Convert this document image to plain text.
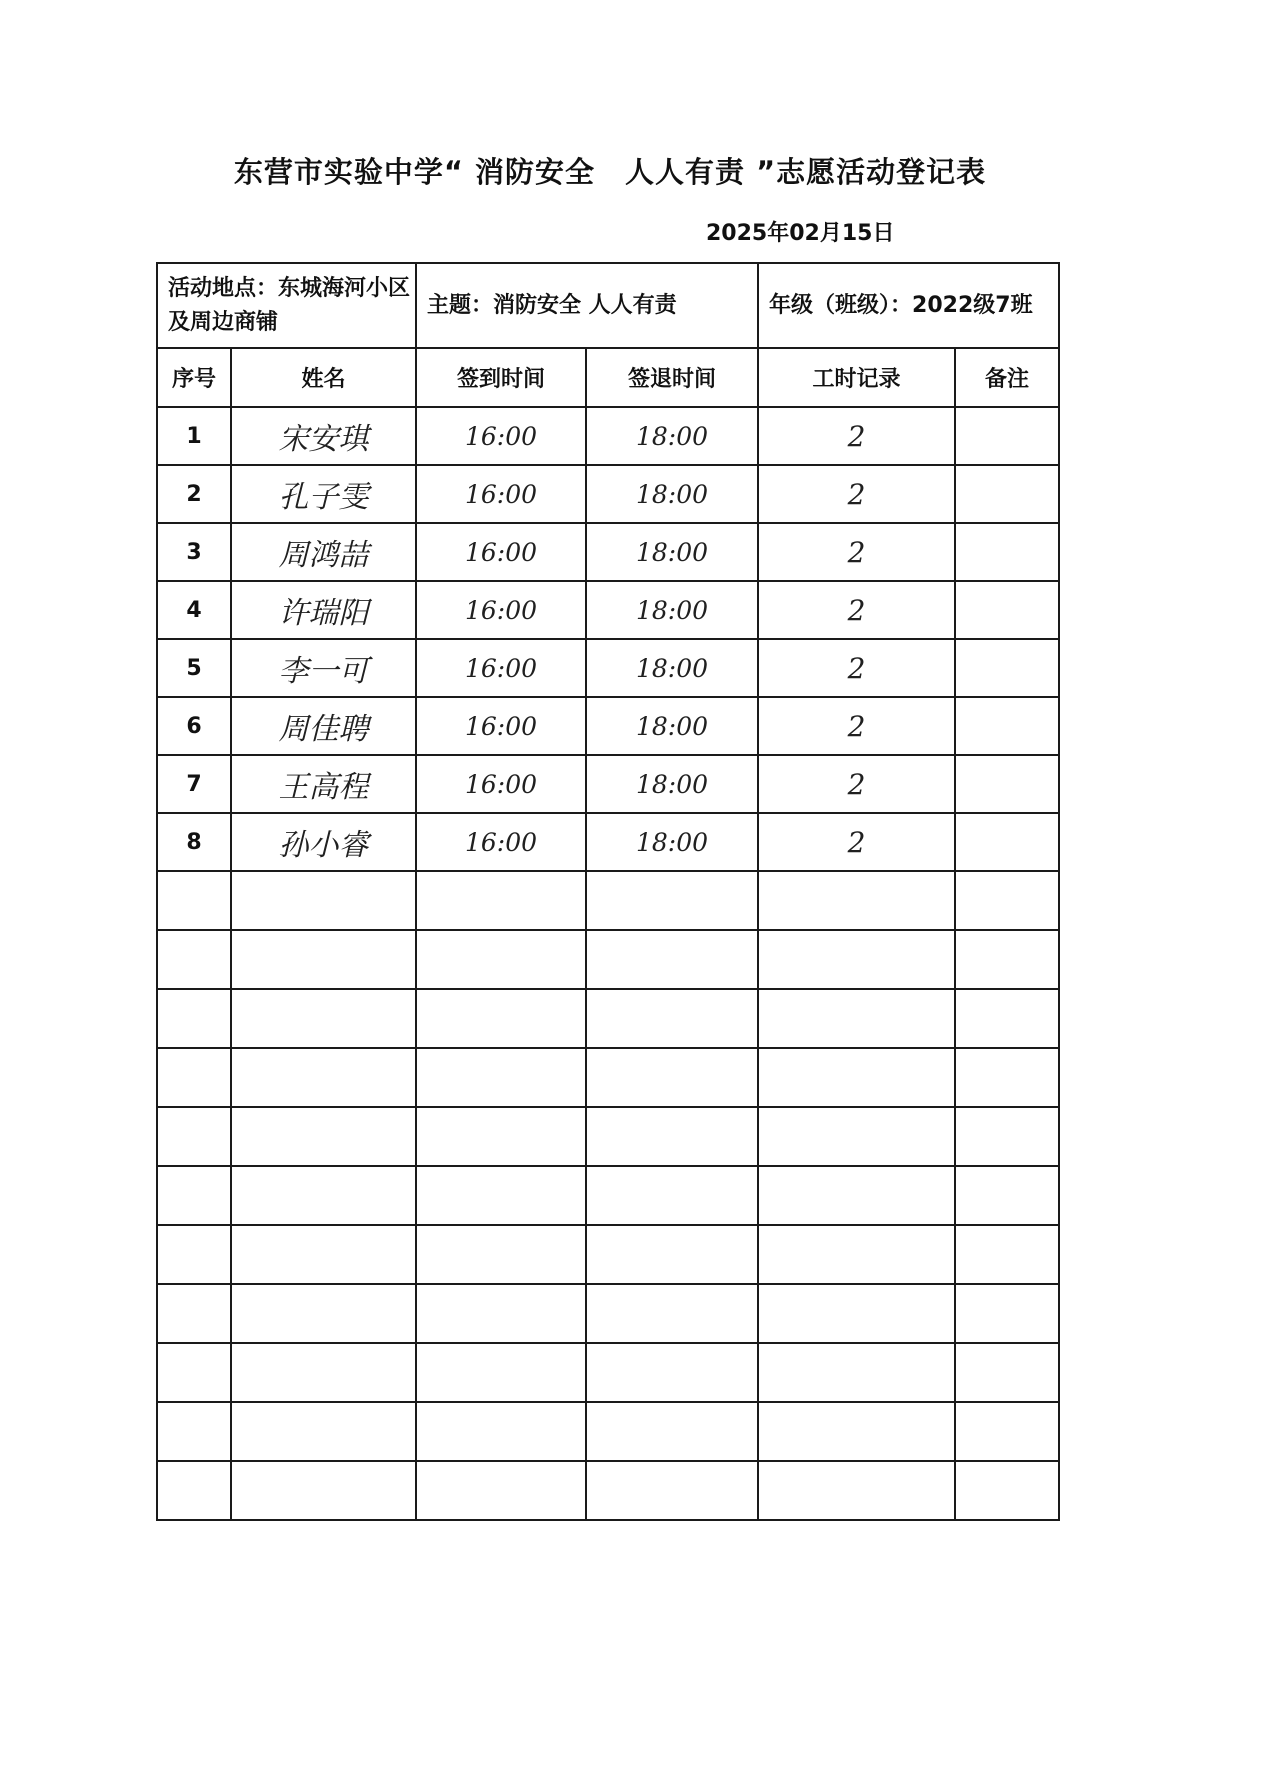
东营市实验中学“ 消防安全　人人有责 ”志愿活动登记表
2025年02月15日
活动地点：东城海河小区及周边商铺		主题：消防安全 人人有责		年级（班级）：2022级7班	
序号	姓名	签到时间	签退时间	工时记录	备注
1	宋安琪	16:00	18:00	2	
2	孔子雯	16:00	18:00	2	
3	周鸿喆	16:00	18:00	2	
4	许瑞阳	16:00	18:00	2	
5	李一可	16:00	18:00	2	
6	周佳聘	16:00	18:00	2	
7	王高程	16:00	18:00	2	
8	孙小睿	16:00	18:00	2	
